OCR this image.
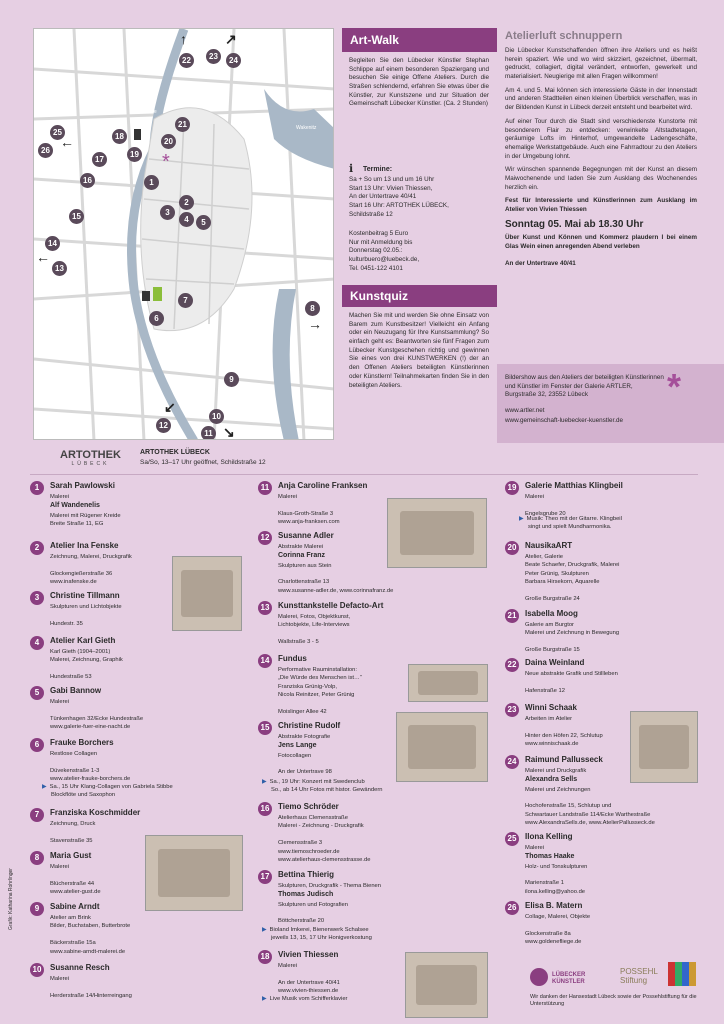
Trave
Wakenitz
*
1
2
3
4	5
6
7
8
9
10
11
12
13
14
15
16
17
18
19
20
21
22	23	24
25
26
↑	↗
←
←
→
↙
↘
Art-Walk
Begleiten Sie den Lübecker Künstler Stephan Schlippe auf einem besonderen Spaziergang und besuchen Sie einige Offene Ateliers. Durch die Straßen schlendernd, erfahren Sie etwas über die Künstler, zur Kunstszene und zur Situation der Gemeinschaft Lübecker Künstler. (Ca. 2 Stunden)
ℹ Termine:
Sa + So um 13 und um 16 Uhr
Start 13 Uhr: Vivien Thiessen,
An der Untertrave 40/41
Start 16 Uhr: ARTOTHEK LÜBECK,
Schildstraße 12
Kostenbeitrag 5 Euro
Nur mit Anmeldung bis
Donnerstag 02.05.:
kulturbuero@luebeck.de,
Tel. 0451-122 4101
Kunstquiz
Machen Sie mit und werden Sie ohne Einsatz von Barem zum Kunstbesitzer! Vielleicht ein Anfang oder ein Neuzugang für Ihre Kunstsammlung? So einfach geht es: Beantworten sie fünf Fragen zum Lübecker Kunstgeschehen richtig und gewinnen Sie eines von drei KUNSTWERKEN (!) der an den Offenen Ateliers beteiligten Künstlerinnen oder Künstlern! Teilnahmekarten finden Sie in den beteiligten Ateliers.
Atelierluft schnuppern

Die Lübecker Kunstschaffenden öffnen ihre Ateliers und es heißt herein spaziert. Wie und wo wird skizziert, gezeichnet, übermalt, gedruckt, collagiert, digital verändert, entworfen, gewerkelt und materialisiert. Neugierige mit allen Fragen willkommen!

Am 4. und 5. Mai können sich interessierte Gäste in der Innenstadt und anderen Stadtteilen einen kleinen Überblick verschaffen, was in der Bildenden Kunst in Lübeck derzeit entsteht und bearbeitet wird.

Auf einer Tour durch die Stadt sind verschiedenste Kunstorte mit besonderem Flair zu entdecken: verwinkelte Altstadtetagen, geräumige Lofts im Hinterhof, umgewandelte Ladengeschäfte, ehemalige Werkstattgebäude. Auch eine Fahrradtour zu den Ateliers in der Umgebung lohnt.

Wir wünschen spannende Begegnungen mit der Kunst an diesem Maiwochenende und laden Sie zum Ausklang des Wochenendes herzlich ein.

Fest für Interessierte und Künstlerinnen zum Ausklang im Atelier von Vivien Thiessen

Sonntag 05. Mai ab 18.30 Uhr

Über Kunst und Können und Kommerz plaudern I bei einem Glas Wein einen anregenden Abend verleben

An der Untertrave 40/41

Bildershow aus den Ateliers der beteiligten Künstlerinnen und Künstler im Fenster der Galerie ARTLER, Burgstraße 32, 23552 Lübeck
www.artler.net
www.gemeinschaft-luebecker-kuenstler.de
*
ARTOTHEK
LÜBECK
ARTOTHEK LÜBECK
Sa/So, 13–17 Uhr geöffnet, Schildstraße 12
1	Sarah Pawlowski
Malerei
Alf Wandenelis
Malerei mit Rügener Kreide
Breite Straße 11, EG
2	Atelier Ina Fenske
Zeichnung, Malerei, Druckgrafik

Glockengießerstraße 36
www.inafenske.de
3	Christine Tillmann
Skulpturen und Lichtobjekte

Hundestr. 35
4	Atelier Karl Gieth
Karl Gieth (1904–2001)
Malerei, Zeichnung, Graphik

Hundestraße 53
5	Gabi Bannow
Malerei

Tünkenhagen 32/Ecke Hundestraße
www.galerie-fuer-eine-nacht.de
6	Frauke Borchers
Restlose Collagen

Düvekenstraße 1-3
www.atelier-frauke-borchers.de
7	Franziska Koschmidder
Zeichnung, Druck

Stavenstraße 35
8	Maria Gust
Malerei

Blücherstraße 44
www.atelier-gust.de
9	Sabine Arndt
Atelier am Brink
Bilder, Buchstaben, Butterbrote

Bäckerstraße 15a
www.sabine-arndt-malerei.de
10	Susanne Resch
Malerei

Herderstraße 14/Hinterreingang
11	Anja Caroline Franksen
Malerei

Klaus-Groth-Straße 3
www.anja-franksen.com
12	Susanne Adler
Abstrakte Malerei
Corinna Franz
Skulpturen aus Stein

Charlottenstraße 13
www.susanne-adler.de, www.corinnafranz.de
13	Kunsttankstelle Defacto-Art
Malerei, Fotos, Objektkunst,
Lichtobjekte, Life-Interviews

Wallstraße 3 - 5
14	Fundus
Performative Rauminstallation:
„Die Würde des Menschen ist…“
Franziska Grünig-Volp,
Nicola Reinitzer, Peter Grünig

Moislinger Allee 42
15	Christine Rudolf
Abstrakte Fotografie
Jens Lange
Fotocollagen

An der Untertrave 98
16	Tiemo Schröder
Atelierhaus Clemensstraße
Malerei - Zeichnung - Druckgrafik

Clemensstraße 3
www.tiemoschroeder.de
www.atelierhaus-clemensstrasse.de
17	Bettina Thierig
Skulpturen, Druckgrafik - Thema Bienen
Thomas Judisch
Skulpturen und Fotografien

Böttcherstraße 20
18	Vivien Thiessen
Malerei

An der Untertrave 40/41
www.vivien-thiessen.de
19	Galerie Matthias Klingbeil
Malerei

Engelsgrube 20
20	NausikaART
Atelier, Galerie
Beate Schaefer, Druckgrafik, Malerei
Peter Grünig, Skulpturen
Barbara Hirsekorn, Aquarelle

Große Burgstraße 24
21	Isabella Moog
Galerie am Burgtor
Malerei und Zeichnung in Bewegung

Große Burgstraße 15
22	Daina Weinland
Neue abstrakte Grafik und Stillleben

Hafenstraße 12
23	Winni Schaak
Arbeiten im Atelier

Hinter den Höfen 22, Schlutup
www.winnischaak.de
24	Raimund Pallusseck
Malerei und Druckgrafik
Alexandra Sells
Malerei und Zeichnungen

Hochofenstraße 15, Schlutup und
Schwartauer Landstraße 114/Ecke Warthestraße
www.AlexandraSells.de, www.AtelierPallusseck.de
25	Ilona Kelling
Malerei
Thomas Haake
Holz- und Tonskulpturen

Marienstraße 1
ilona.kelling@yahoo.de
26	Elisa B. Matern
Collage, Malerei, Objekte

Glockenstraße 8a
www.goldenefliege.de
▶ Sa., 15 Uhr Klang-Collagen von Gabriela Stibbe
Blockflöte und Saxophon
▶ Sa., 19 Uhr: Konzert mit Swedenclub
So., ab 14 Uhr Fotos mit histor. Gewändern
▶ Bioland Imkerei, Bienenwerk Schalsee
jeweils 13, 15, 17 Uhr Honigverkostung
▶ Live Musik vom Schifferklavier
▶ Musik: Theo mit der Gitarre. Klingbeil
singt und spielt Mundharmonika.
Grafik: Katharina Rohrlinger
LÜBECKER KÜNSTLER
POSSEHL Stiftung
Wir danken der Hansestadt Lübeck sowie der Possehlstiftung für die Unterstützung
